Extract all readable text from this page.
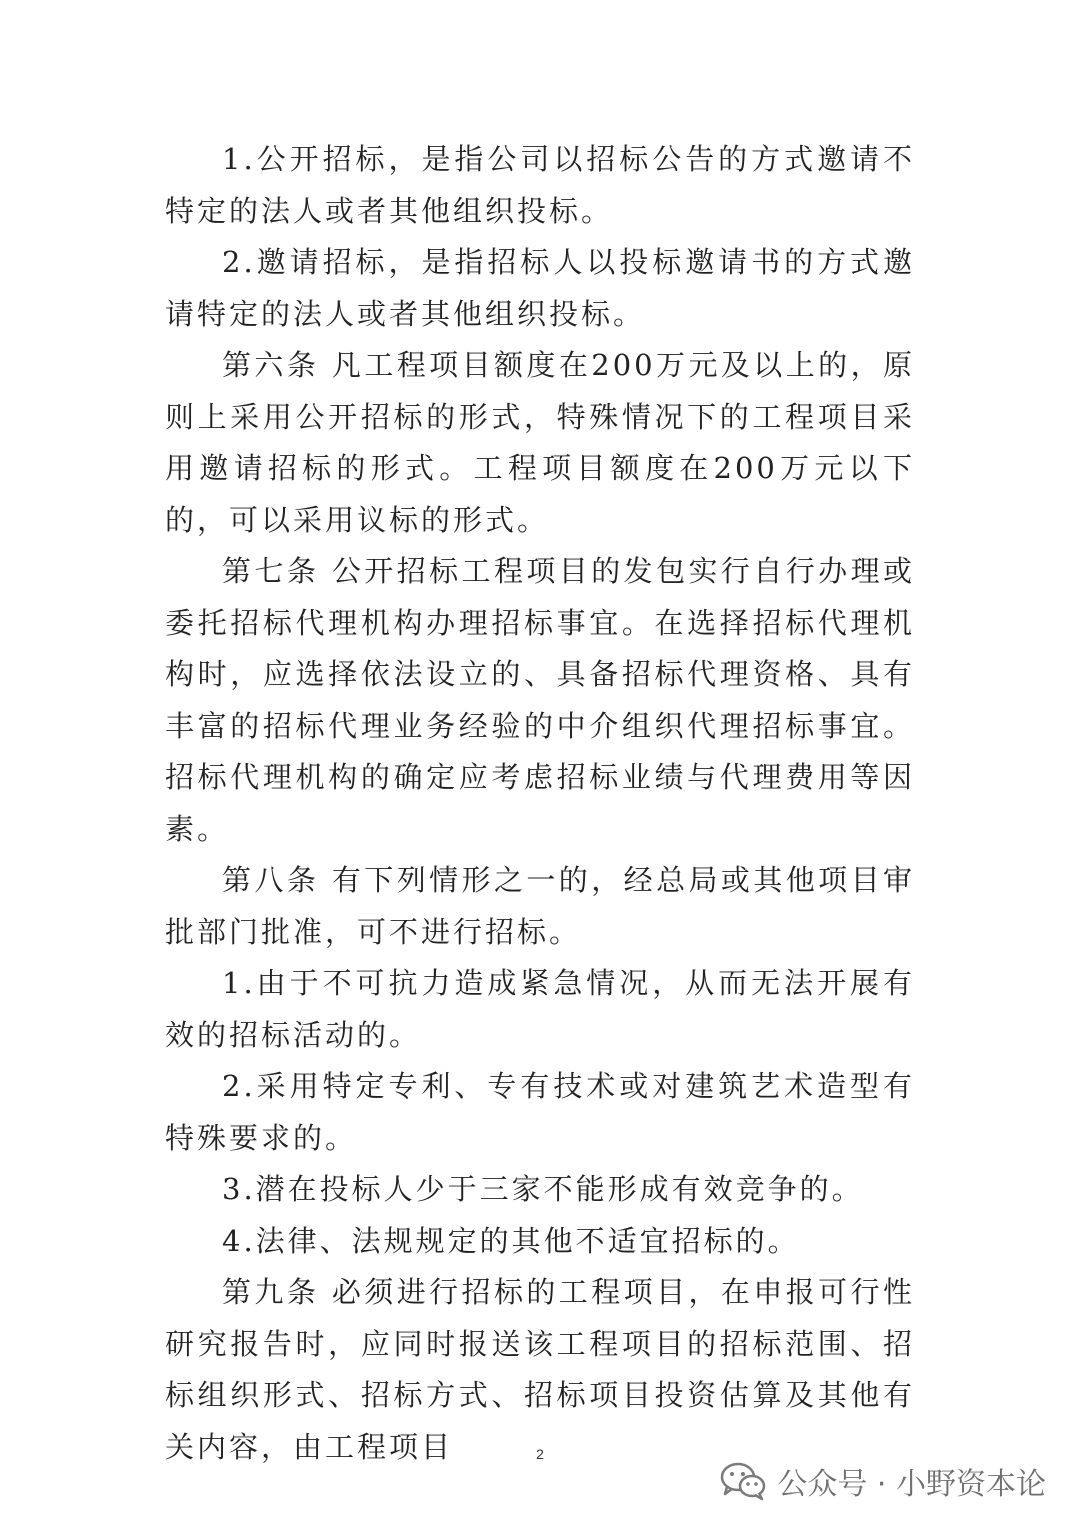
1.公开招标，是指公司以招标公告的方式邀请不特定的法人或者其他组织投标。

2.邀请招标，是指招标人以投标邀请书的方式邀请特定的法人或者其他组织投标。

第六条 凡工程项目额度在200万元及以上的，原则上采用公开招标的形式，特殊情况下的工程项目采用邀请招标的形式。工程项目额度在200万元以下的，可以采用议标的形式。

第七条 公开招标工程项目的发包实行自行办理或委托招标代理机构办理招标事宜。在选择招标代理机构时，应选择依法设立的、具备招标代理资格、具有丰富的招标代理业务经验的中介组织代理招标事宜。招标代理机构的确定应考虑招标业绩与代理费用等因素。

第八条 有下列情形之一的，经总局或其他项目审批部门批准，可不进行招标。

1.由于不可抗力造成紧急情况，从而无法开展有效的招标活动的。

2.采用特定专利、专有技术或对建筑艺术造型有特殊要求的。

3.潜在投标人少于三家不能形成有效竞争的。

4.法律、法规规定的其他不适宜招标的。

第九条 必须进行招标的工程项目，在申报可行性研究报告时，应同时报送该工程项目的招标范围、招标组织形式、招标方式、招标项目投资估算及其他有关内容，由工程项目	2
公众号 · 小野资本论
